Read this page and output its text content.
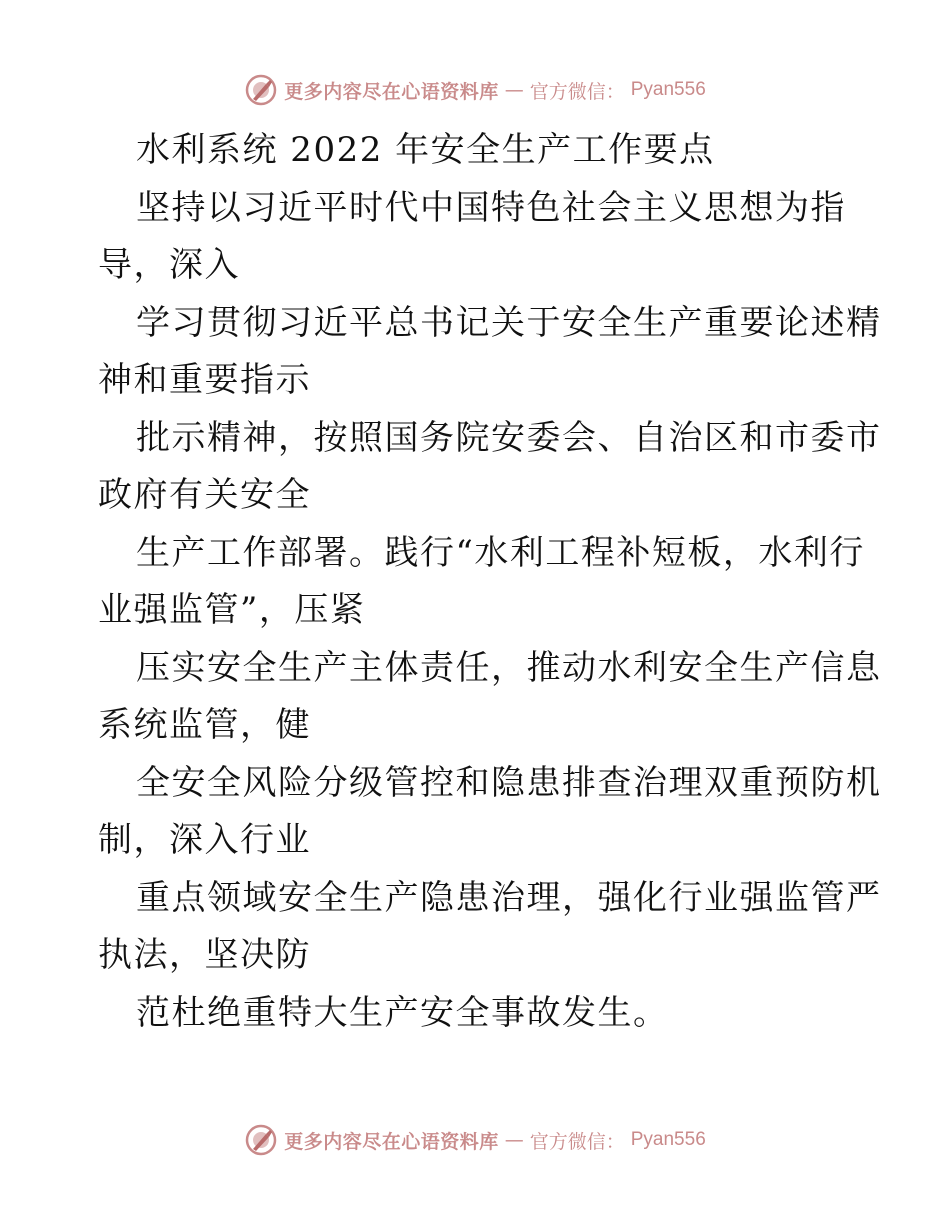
更多内容尽在心语资料库 — 官方微信： Pyan556
水利系统 2022 年安全生产工作要点
坚持以习近平时代中国特色社会主义思想为指
导，深入
学习贯彻习近平总书记关于安全生产重要论述精
神和重要指示
批示精神，按照国务院安委会、自治区和市委市
政府有关安全
生产工作部署。践行“水利工程补短板，水利行
业强监管”，压紧
压实安全生产主体责任，推动水利安全生产信息
系统监管，健
全安全风险分级管控和隐患排查治理双重预防机
制，深入行业
重点领域安全生产隐患治理，强化行业强监管严
执法，坚决防
范杜绝重特大生产安全事故发生。
更多内容尽在心语资料库 — 官方微信： Pyan556
